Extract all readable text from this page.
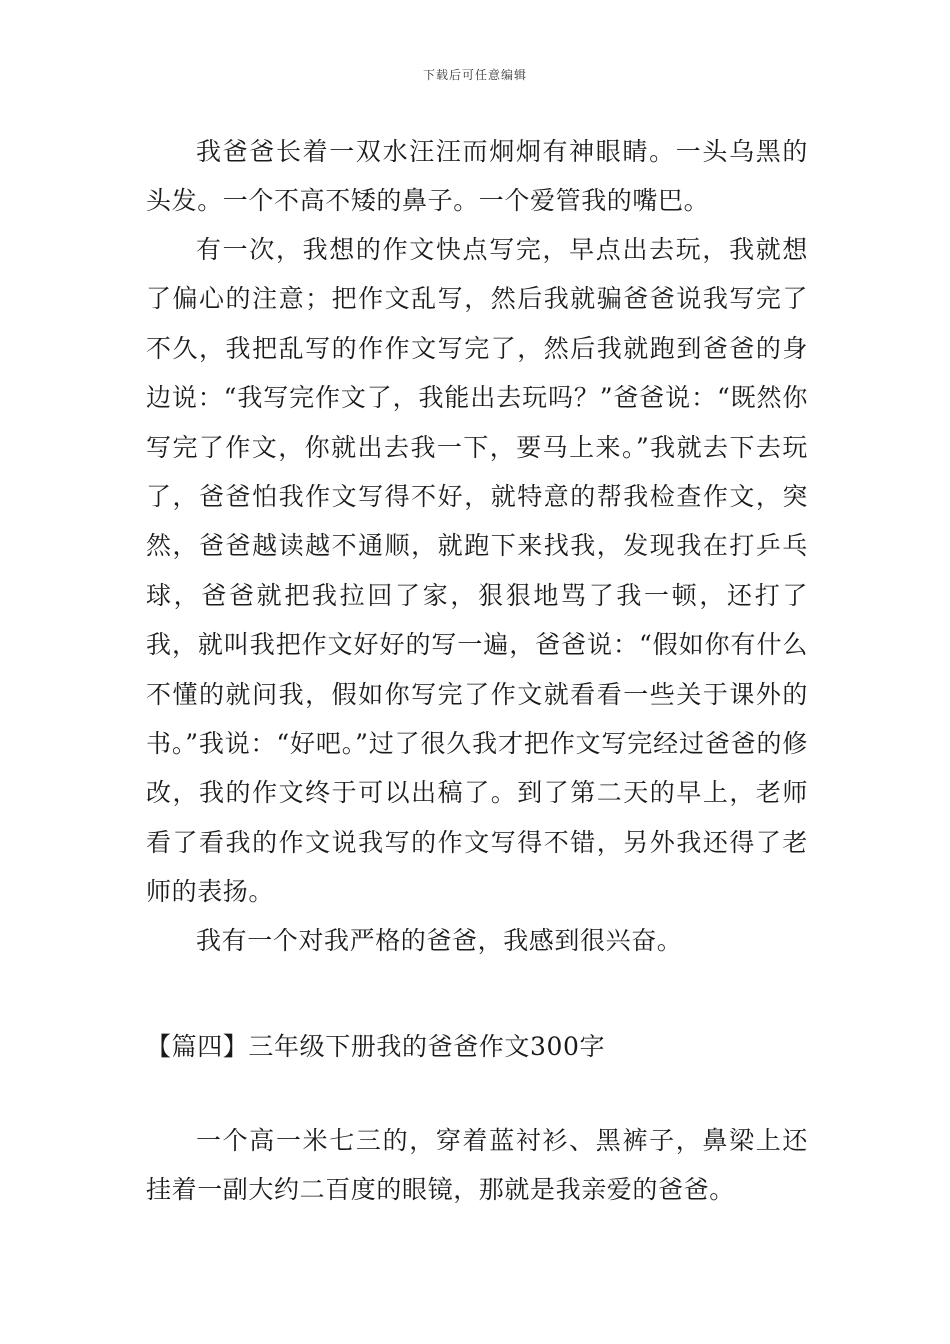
下载后可任意编辑

我爸爸长着一双水汪汪而炯炯有神眼睛。一头乌黑的头发。一个不高不矮的鼻子。一个爱管我的嘴巴。

有一次，我想的作文快点写完，早点出去玩，我就想了偏心的注意；把作文乱写，然后我就骗爸爸说我写完了不久，我把乱写的作作文写完了，然后我就跑到爸爸的身边说：“我写完作文了，我能出去玩吗？”爸爸说：“既然你写完了作文，你就出去我一下，要马上来。”我就去下去玩了，爸爸怕我作文写得不好，就特意的帮我检查作文，突然，爸爸越读越不通顺，就跑下来找我，发现我在打乒乓球，爸爸就把我拉回了家，狠狠地骂了我一顿，还打了我，就叫我把作文好好的写一遍，爸爸说：“假如你有什么不懂的就问我，假如你写完了作文就看看一些关于课外的书。”我说：“好吧。”过了很久我才把作文写完经过爸爸的修改，我的作文终于可以出稿了。到了第二天的早上，老师看了看我的作文说我写的作文写得不错，另外我还得了老师的表扬。

我有一个对我严格的爸爸，我感到很兴奋。

【篇四】三年级下册我的爸爸作文300字

一个高一米七三的，穿着蓝衬衫、黑裤子，鼻梁上还挂着一副大约二百度的眼镜，那就是我亲爱的爸爸。
